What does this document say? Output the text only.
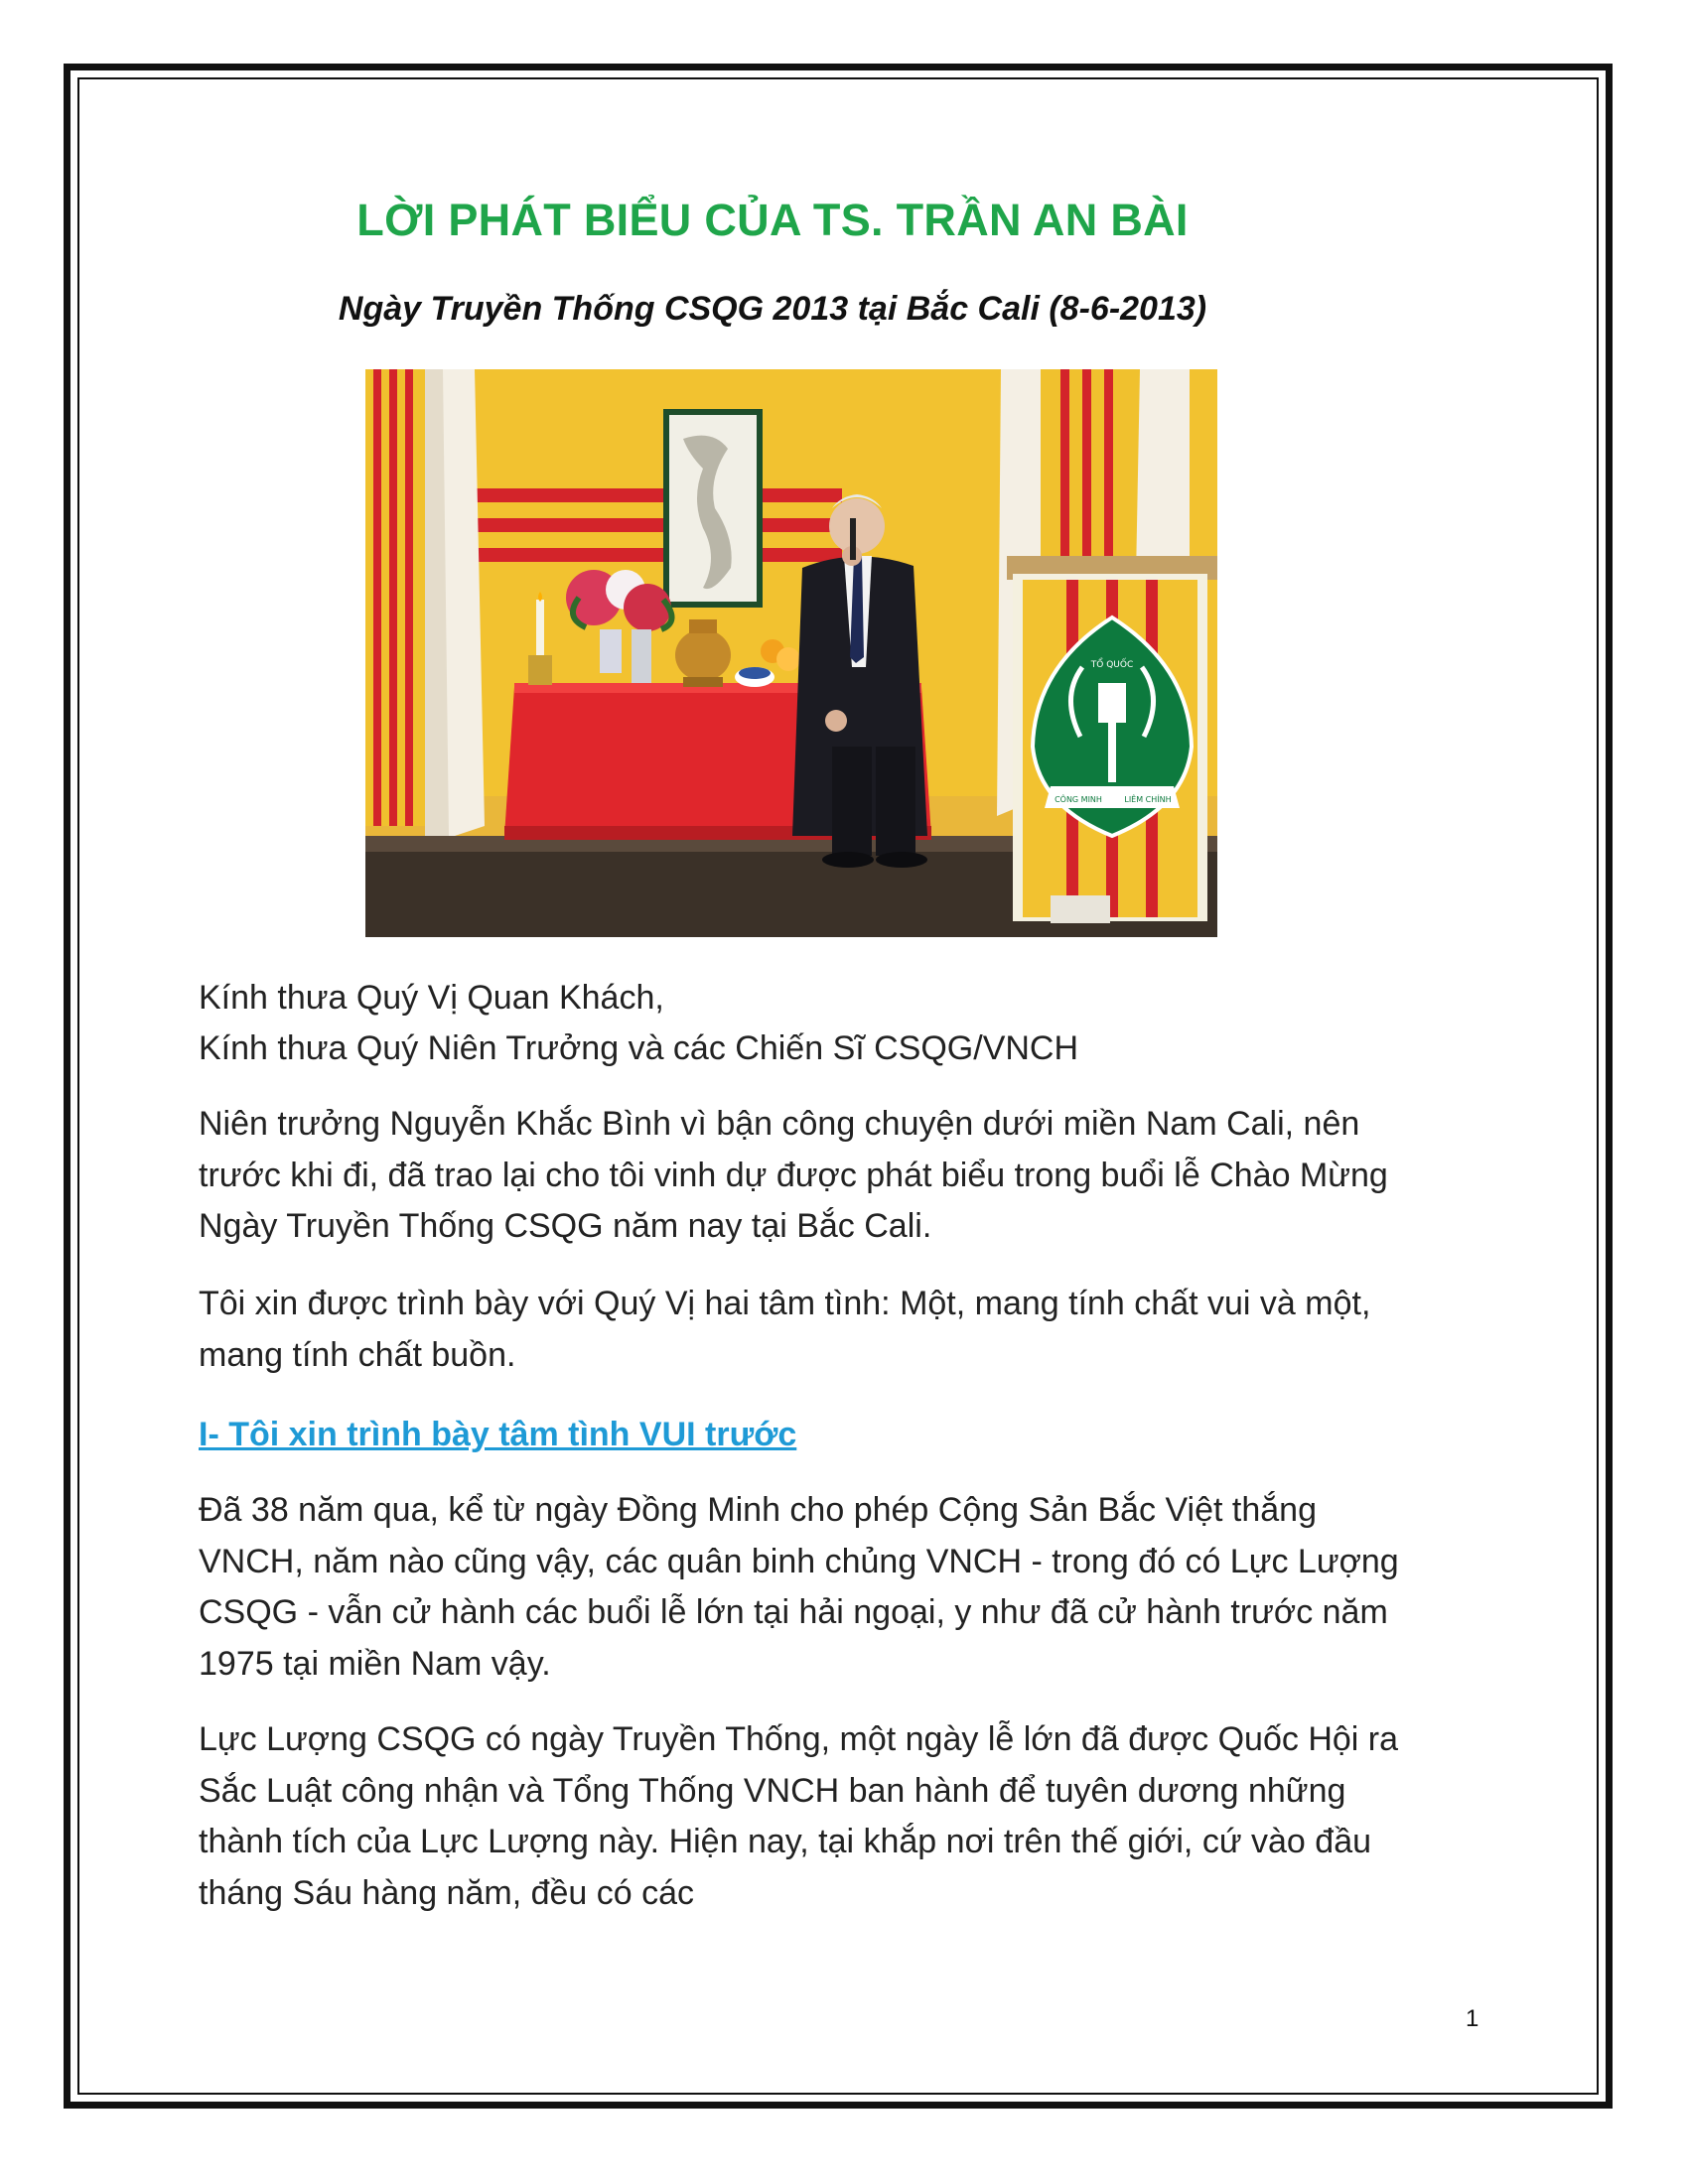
LỜI PHÁT BIỂU CỦA TS. TRẦN AN BÀI
Ngày Truyền Thống CSQG 2013 tại Bắc Cali (8-6-2013)
TỔ QUỐC
CÔNG MINH	LIÊM CHÍNH

Kính thưa Quý Vị Quan Khách,

Kính thưa Quý Niên Trưởng và các Chiến Sĩ CSQG/VNCH

Niên trưởng Nguyễn Khắc Bình vì bận công chuyện dưới miền Nam Cali, nên trước khi đi, đã trao lại cho tôi vinh dự được phát biểu trong buổi lễ Chào Mừng Ngày Truyền Thống CSQG năm nay tại Bắc Cali.

Tôi xin được trình bày với Quý Vị hai tâm tình: Một, mang tính chất vui và một, mang tính chất buồn.

I- Tôi xin trình bày tâm tình VUI trước

Đã 38 năm qua, kể từ ngày Đồng Minh cho phép Cộng Sản Bắc Việt thắng VNCH, năm nào cũng vậy, các quân binh chủng VNCH - trong đó có Lực Lượng CSQG - vẫn cử hành các buổi lễ lớn tại hải ngoại, y như đã cử hành trước năm 1975 tại miền Nam vậy.

Lực Lượng CSQG có ngày Truyền Thống, một ngày lễ lớn đã được Quốc Hội ra Sắc Luật công nhận và Tổng Thống VNCH ban hành để tuyên dương những thành tích của Lực Lượng này. Hiện nay, tại khắp nơi trên thế giới, cứ vào đầu tháng Sáu hàng năm, đều có các

1
